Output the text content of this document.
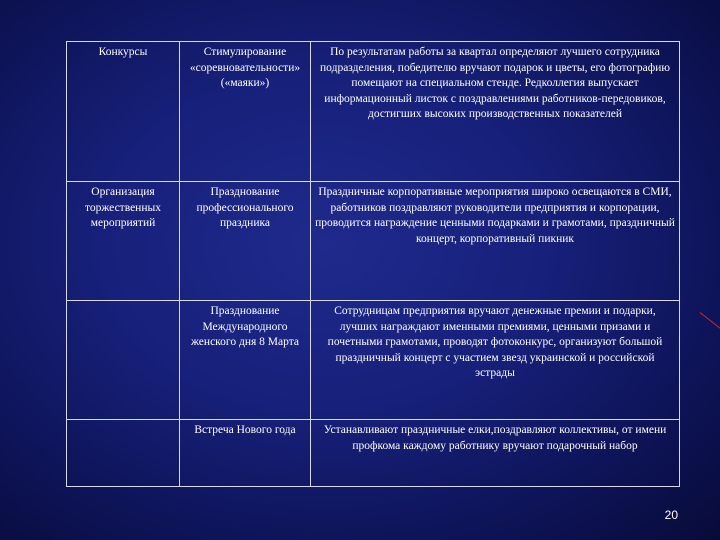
Конкурсы	Стимулирование «соревновательности» («маяки»)	По результатам работы за квартал определяют лучшего сотрудника подразделения, победителю вручают подарок и цветы, его фотографию помещают на специальном стенде. Редколлегия выпускает информационный листок с поздравлениями работников-передовиков, достигших высоких производственных показателей
Организация торжественных мероприятий	Празднование профессионального праздника	Праздничные корпоративные мероприятия широко освещаются в СМИ, работников поздравляют руководители предприятия и корпорации, проводится награждение ценными подарками и грамотами, праздничный концерт, корпоративный пикник
	Празднование Международного женского дня 8 Марта	Сотрудницам предприятия вручают денежные премии и подарки, лучших награждают именными премиями, ценными призами и почетными грамотами, проводят фотоконкурс, организуют большой праздничный концерт с участием звезд украинской и российской эстрады
	Встреча Нового года	Устанавливают праздничные елки,поздравляют коллективы, от имени профкома каждому работнику вручают подарочный набор
20
